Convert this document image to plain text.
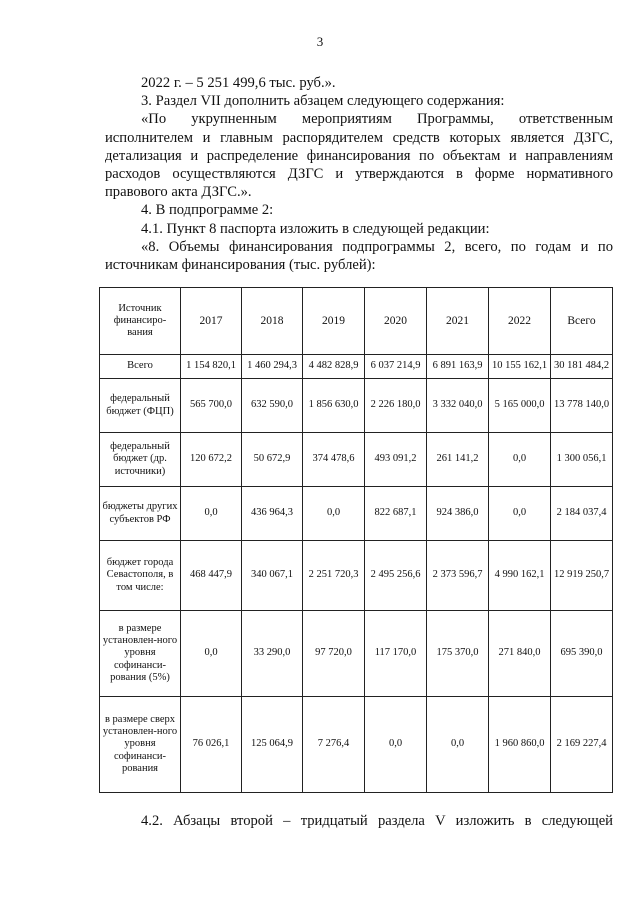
3

2022 г. – 5 251 499,6 тыс. руб.».

3. Раздел VII дополнить абзацем следующего содержания:

«По укрупненным мероприятиям Программы, ответственным исполнителем и главным распорядителем средств которых является ДЗГС, детализация и распределение финансирования по объектам и направлениям расходов осуществляются ДЗГС и утверждаются в форме нормативного правового акта ДЗГС.».

4. В подпрограмме 2:

4.1. Пункт 8 паспорта изложить в следующей редакции:

«8. Объемы финансирования подпрограммы 2, всего, по годам и по источникам финансирования (тыс. рублей):

Источник финансиро-вания	2017	2018	2019	2020	2021	2022	Всего
Всего	1 154 820,1	1 460 294,3	4 482 828,9	6 037 214,9	6 891 163,9	10 155 162,1	30 181 484,2
федеральный бюджет (ФЦП)	565 700,0	632 590,0	1 856 630,0	2 226 180,0	3 332 040,0	5 165 000,0	13 778 140,0
федеральный бюджет (др. источники)	120 672,2	50 672,9	374 478,6	493 091,2	261 141,2	0,0	1 300 056,1
бюджеты других субъектов РФ	0,0	436 964,3	0,0	822 687,1	924 386,0	0,0	2 184 037,4
бюджет города Севастополя, в том числе:	468 447,9	340 067,1	2 251 720,3	2 495 256,6	2 373 596,7	4 990 162,1	12 919 250,7
в размере установлен-ного уровня софинанси-рования (5%)	0,0	33 290,0	97 720,0	117 170,0	175 370,0	271 840,0	695 390,0
в размере сверх установлен-ного уровня софинанси-рования	76 026,1	125 064,9	7 276,4	0,0	0,0	1 960 860,0	2 169 227,4
4.2. Абзацы второй – тридцатый раздела V изложить в следующей
